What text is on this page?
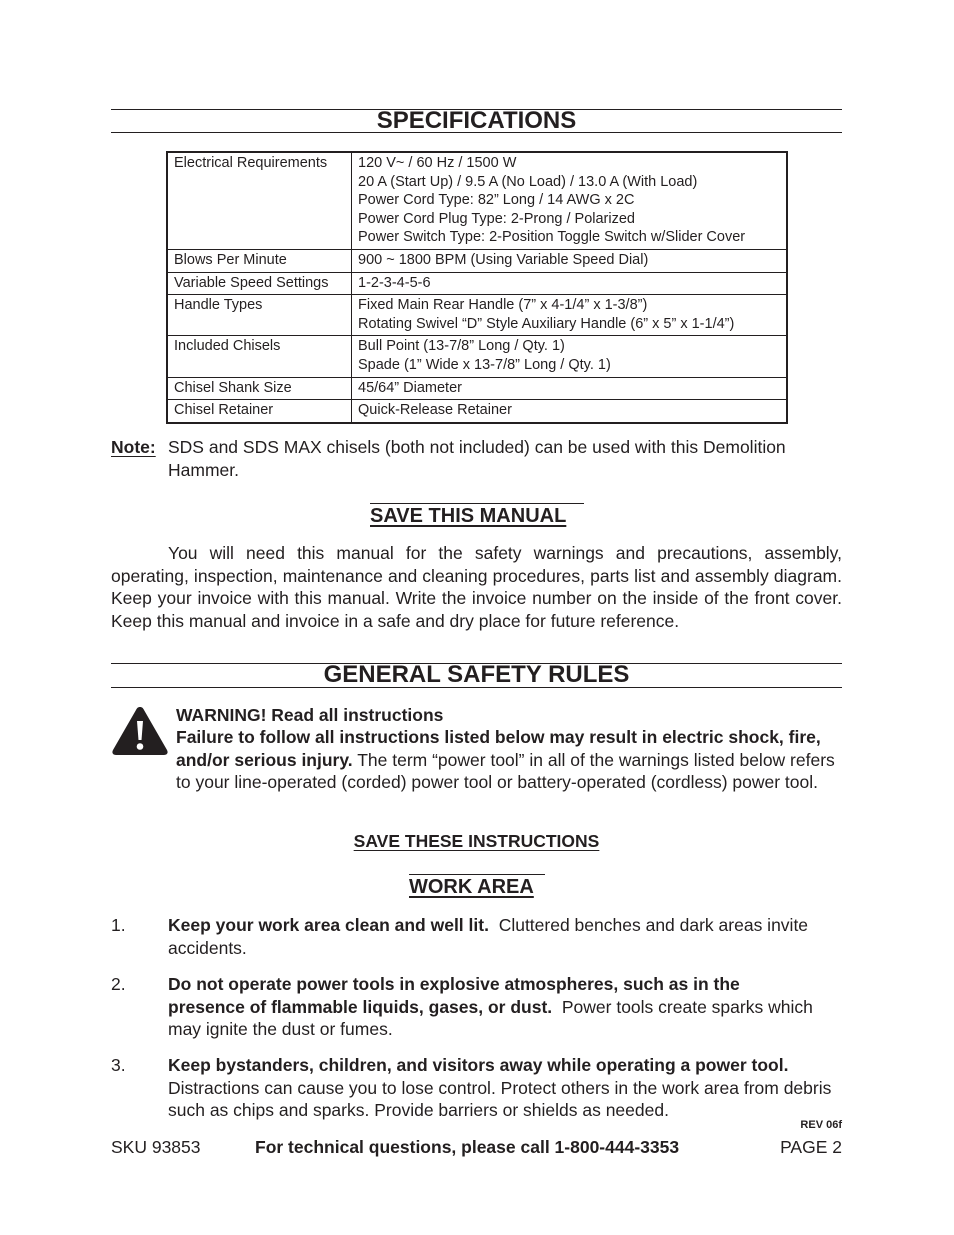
SPECIFICATIONS
Electrical Requirements	120 V~ / 60 Hz / 1500 W
20 A (Start Up) / 9.5 A (No Load) / 13.0 A (With Load)
Power Cord Type: 82” Long / 14 AWG x 2C
Power Cord Plug Type: 2-Prong / Polarized
Power Switch Type: 2-Position Toggle Switch w/Slider Cover

Blows Per Minute	900 ~ 1800 BPM (Using Variable Speed Dial)

Variable Speed Settings	1-2-3-4-5-6

Handle Types	Fixed Main Rear Handle (7” x 4-1/4” x 1-3/8”)
Rotating Swivel “D” Style Auxiliary Handle (6” x 5” x 1-1/4”)

Included Chisels	Bull Point (13-7/8” Long / Qty. 1)
Spade (1” Wide x 13-7/8” Long / Qty. 1)

Chisel Shank Size	45/64” Diameter

Chisel Retainer	Quick-Release Retainer
Note: SDS and SDS MAX chisels (both not included) can be used with this Demolition Hammer.
SAVE THIS MANUAL
You will need this manual for the safety warnings and precautions, assembly, operating, inspection, maintenance and cleaning procedures, parts list and assembly diagram. Keep your invoice with this manual. Write the invoice number on the inside of the front cover. Keep this manual and invoice in a safe and dry place for future reference.
GENERAL SAFETY RULES
WARNING! Read all instructions
Failure to follow all instructions listed below may result in electric shock, fire, and/or serious injury. The term “power tool” in all of the warnings listed below refers to your line-operated (corded) power tool or battery-operated (cordless) power tool.
SAVE THESE INSTRUCTIONS
WORK AREA
1. Keep your work area clean and well lit. Cluttered benches and dark areas invite accidents.
2. Do not operate power tools in explosive atmospheres, such as in the presence of flammable liquids, gases, or dust. Power tools create sparks which may ignite the dust or fumes.
3. Keep bystanders, children, and visitors away while operating a power tool. Distractions can cause you to lose control. Protect others in the work area from debris such as chips and sparks. Provide barriers or shields as needed.
REV 06f
SKU 93853	For technical questions, please call 1-800-444-3353	PAGE 2
